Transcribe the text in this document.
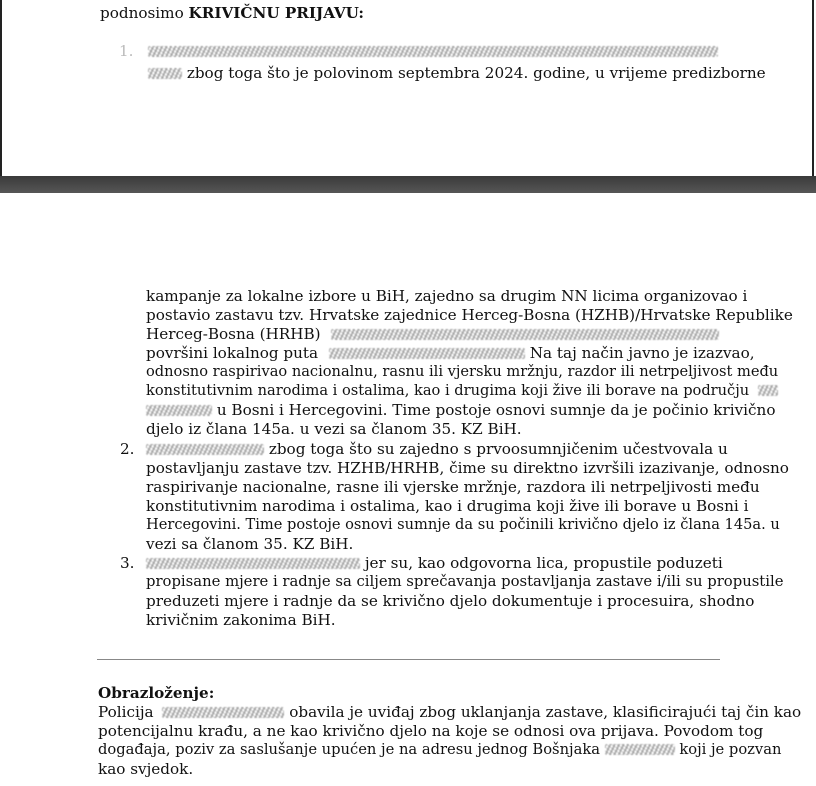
podnosimo KRIVIČNU PRIJAVU:
1.
zbog toga što je polovinom septembra 2024. godine, u vrijeme predizborne
kampanje za lokalne izbore u BiH, zajedno sa drugim NN licima organizovao i
postavio zastavu tzv. Hrvatske zajednice Herceg-Bosna (HZHB)/Hrvatske Republike
Herceg-Bosna (HRHB)
površini lokalnog puta	Na taj način javno je izazvao,
odnosno raspirivao nacionalnu, rasnu ili vjersku mržnju, razdor ili netrpeljivost među
konstitutivnim narodima i ostalima, kao i drugima koji žive ili borave na području
u Bosni i Hercegovini. Time postoje osnovi sumnje da je počinio krivično
djelo iz člana 145a. u vezi sa članom 35. KZ BiH.
2.	zbog toga što su zajedno s prvoosumnjičenim učestvovala u
postavljanju zastave tzv. HZHB/HRHB, čime su direktno izvršili izazivanje, odnosno
raspirivanje nacionalne, rasne ili vjerske mržnje, razdora ili netrpeljivosti među
konstitutivnim narodima i ostalima, kao i drugima koji žive ili borave u Bosni i
Hercegovini. Time postoje osnovi sumnje da su počinili krivično djelo iz člana 145a. u
vezi sa članom 35. KZ BiH.
3.	jer su, kao odgovorna lica, propustile poduzeti
propisane mjere i radnje sa ciljem sprečavanja postavljanja zastave i/ili su propustile
preduzeti mjere i radnje da se krivično djelo dokumentuje i procesuira, shodno
krivičnim zakonima BiH.
Obrazloženje:
Policija	obavila je uviđaj zbog uklanjanja zastave, klasificirajući taj čin kao
potencijalnu krađu, a ne kao krivično djelo na koje se odnosi ova prijava. Povodom tog
događaja, poziv za saslušanje upućen je na adresu jednog Bošnjaka	koji je pozvan
kao svjedok.
